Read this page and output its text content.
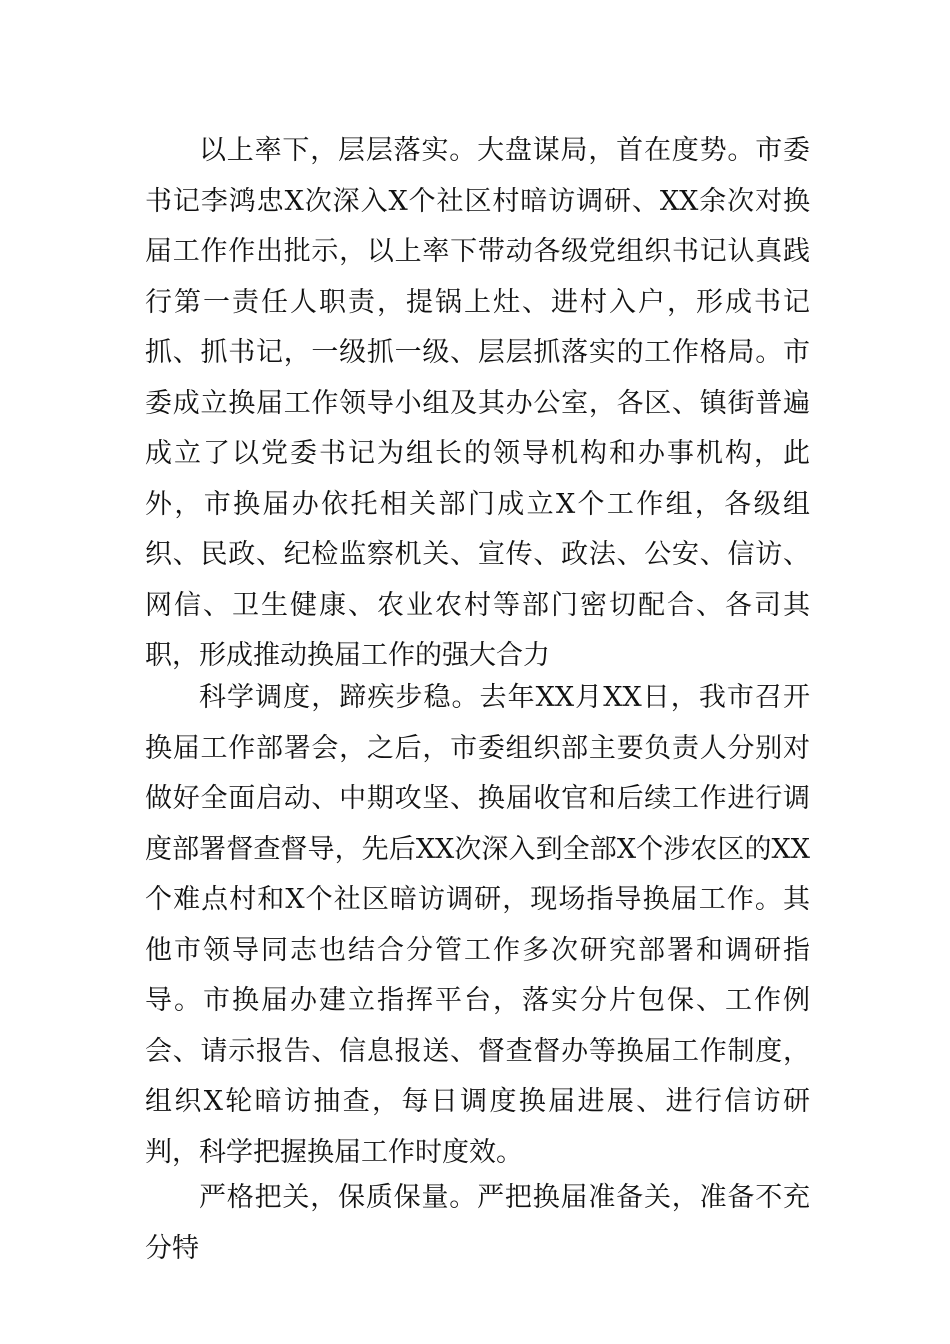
以上率下，层层落实。大盘谋局，首在度势。市委书记李鸿忠X次深入X个社区村暗访调研、XX余次对换届工作作出批示，以上率下带动各级党组织书记认真践行第一责任人职责，提锅上灶、进村入户，形成书记抓、抓书记，一级抓一级、层层抓落实的工作格局。市委成立换届工作领导小组及其办公室，各区、镇街普遍成立了以党委书记为组长的领导机构和办事机构，此外，市换届办依托相关部门成立X个工作组，各级组织、民政、纪检监察机关、宣传、政法、公安、信访、网信、卫生健康、农业农村等部门密切配合、各司其职，形成推动换届工作的强大合力

科学调度，蹄疾步稳。去年XX月XX日，我市召开换届工作部署会，之后，市委组织部主要负责人分别对做好全面启动、中期攻坚、换届收官和后续工作进行调度部署督查督导，先后XX次深入到全部X个涉农区的XX个难点村和X个社区暗访调研，现场指导换届工作。其他市领导同志也结合分管工作多次研究部署和调研指导。市换届办建立指挥平台，落实分片包保、工作例会、请示报告、信息报送、督查督办等换届工作制度，组织X轮暗访抽查，每日调度换届进展、进行信访研判，科学把握换届工作时度效。

严格把关，保质保量。严把换届准备关，准备不充分特
